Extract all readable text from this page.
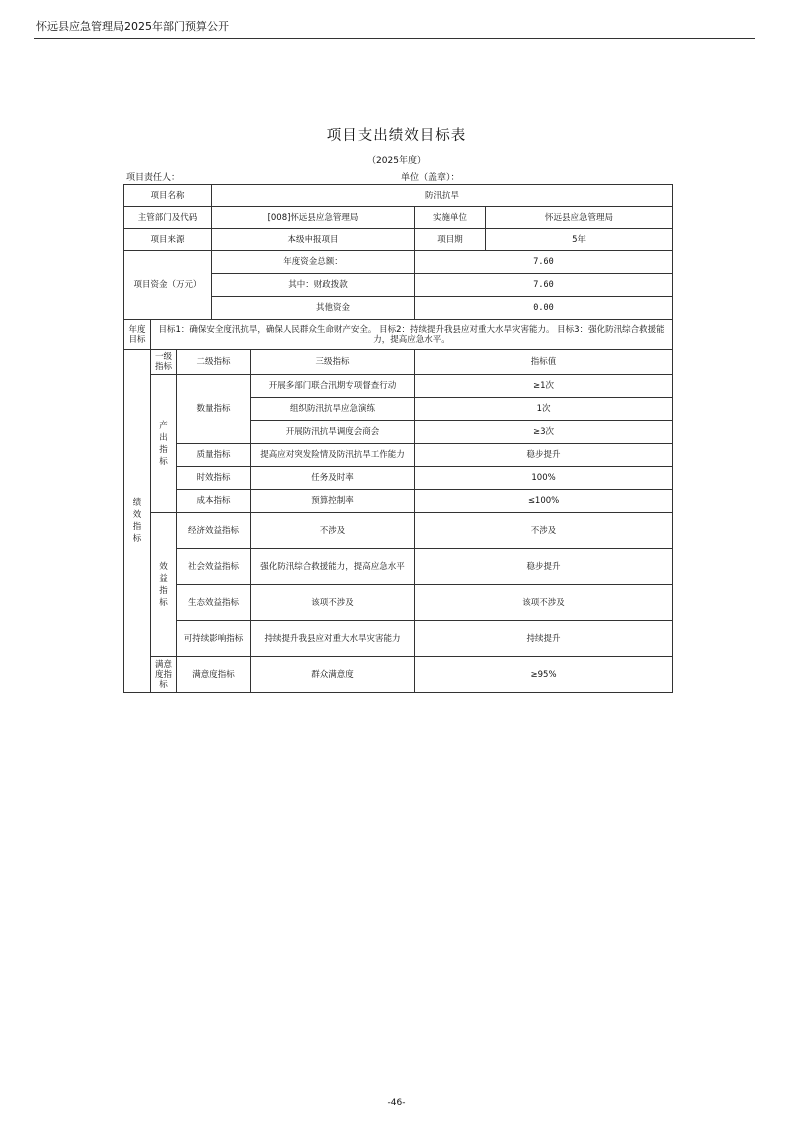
怀远县应急管理局2025年部门预算公开
项目支出绩效目标表
（2025年度）
项目责任人：	单位（盖章）：
项目名称			防汛抗旱			
主管部门及代码			[008]怀远县应急管理局		实施单位	怀远县应急管理局
项目来源			本级申报项目		项目期	5年
项目资金（万元）			年度资金总额：		7.60	
			其中：财政拨款		7.60	
			其他资金		0.00	
年度目标	目标1：确保安全度汛抗旱，确保人民群众生命财产安全。 目标2：持续提升我县应对重大水旱灾害能力。 目标3：强化防汛综合救援能力，提高应急水平。					
绩效指标	一级指标	二级指标		三级指标	指标值	
	产出指标	数量指标		开展多部门联合汛期专项督查行动	≥1次	
				组织防汛抗旱应急演练	1次	
				开展防汛抗旱调度会商会	≥3次	
		质量指标		提高应对突发险情及防汛抗旱工作能力	稳步提升	
		时效指标		任务及时率	100%	
		成本指标		预算控制率	≤100%	
	效益指标	经济效益指标		不涉及	不涉及	
		社会效益指标		强化防汛综合救援能力，提高应急水平	稳步提升	
		生态效益指标		该项不涉及	该项不涉及	
		可持续影响指标		持续提升我县应对重大水旱灾害能力	持续提升	
	满意度指标	满意度指标		群众满意度	≥95%	
-46-
